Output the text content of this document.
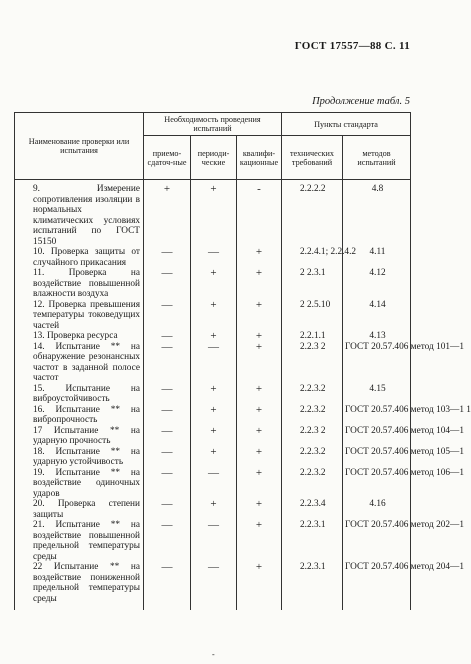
ГОСТ 17557—88 С. 11
Продолжение табл. 5
Наименование проверки или испытания	Необходимость проведения испытаний			Пункты стандарта	
	приемо-сдаточ-ные	периоди-ческие	квалифи-кационные	технических требований	методов испытаний
9. Измерение сопротивления изоляции в нормальных климатических условиях испытаний по ГОСТ 15150	+	+	-	2.2.2.2	4.8
10. Проверка защиты от случайного прикасания	—	—	+	2.2.4.1; 2.2.4.2	4.11
11. Проверка на воздействие повышенной влажности воздуха	—	+	+	2 2.3.1	4.12
12. Проверка превышения температуры токоведущих частей	—	+	+	2 2.5.10	4.14
13. Проверка ресурса	—	+	+	2.2.1.1	4.13
14. Испытание ** на обнаружение резонансных частот в заданной полосе частот	—	—	+	2.2.3 2	ГОСТ 20.57.406 метод 101—1
15. Испытание на виброустойчивость	—	+	+	2.2.3.2	4.15
16. Испытание ** на вибропрочность	—	+	+	2.2.3.2	ГОСТ 20.57.406 метод 103—1 1
17 Испытание ** на ударную прочность	—	+	+	2.2.3 2	ГОСТ 20.57.406 метод 104—1
18. Испытание ** на ударную устойчивость	—	+	+	2.2.3.2	ГОСТ 20.57.406 метод 105—1
19. Испытание ** на воздействие одиночных ударов	—	—	+	2.2.3.2	ГОСТ 20.57.406 метод 106—1
20. Проверка степени защиты	—	+	+	2.2.3.4	4.16
21. Испытание ** на воздействие повышенной предельной температуры среды	—	—	+	2.2.3.1	ГОСТ 20.57.406 метод 202—1
22 Испытание ** на воздействие пониженной предельной температуры среды	—	—	+	2.2.3.1	ГОСТ 20.57.406 метод 204—1
-
